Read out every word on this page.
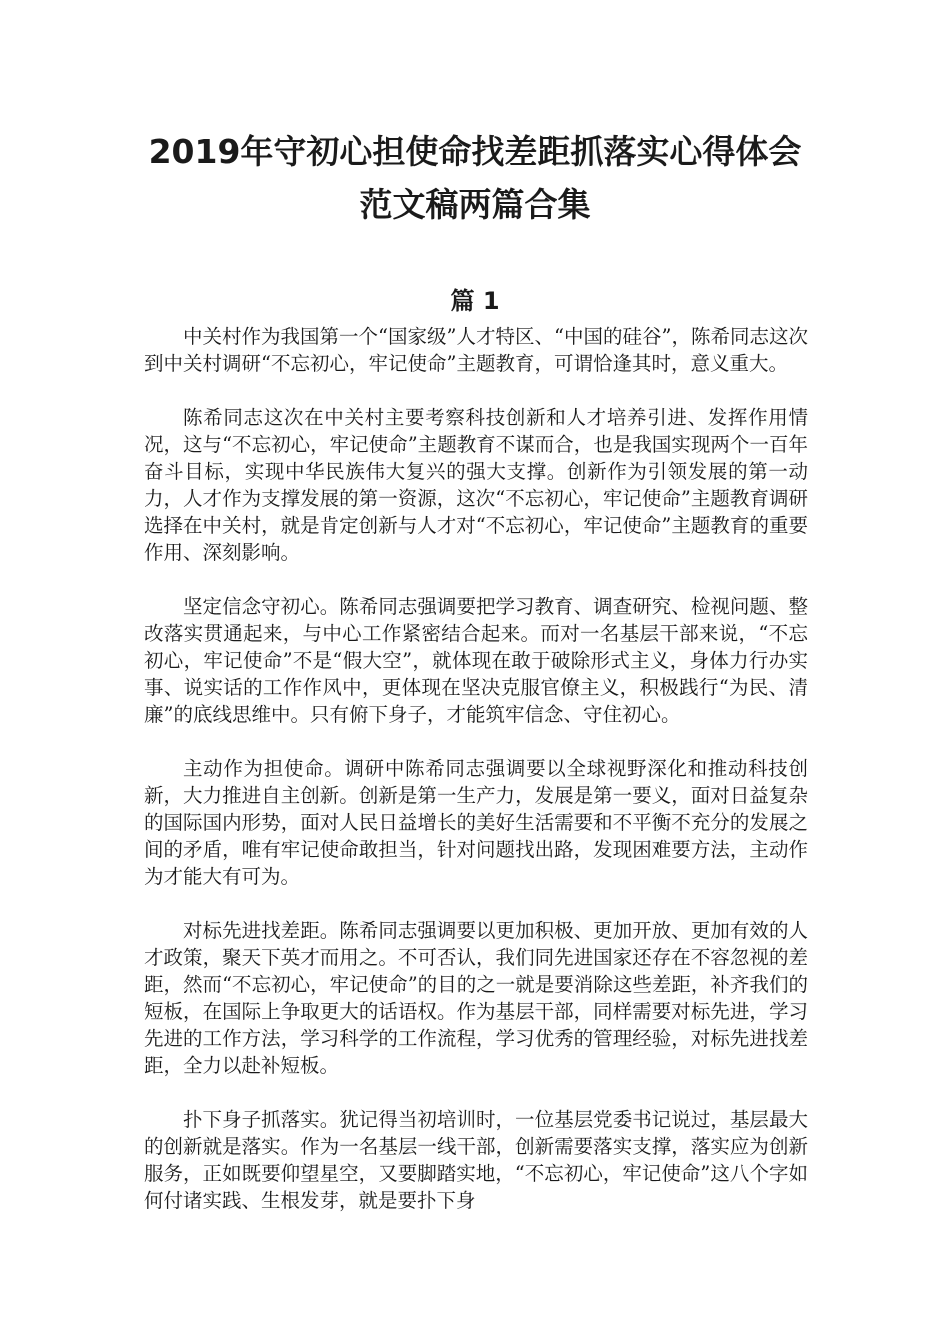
2019年守初心担使命找差距抓落实心得体会
范文稿两篇合集
篇 1

中关村作为我国第一个“国家级”人才特区、“中国的硅谷”，陈希同志这次到中关村调研“不忘初心，牢记使命”主题教育，可谓恰逢其时，意义重大。

陈希同志这次在中关村主要考察科技创新和人才培养引进、发挥作用情况，这与“不忘初心，牢记使命”主题教育不谋而合，也是我国实现两个一百年奋斗目标，实现中华民族伟大复兴的强大支撑。创新作为引领发展的第一动力，人才作为支撑发展的第一资源，这次“不忘初心，牢记使命”主题教育调研选择在中关村，就是肯定创新与人才对“不忘初心，牢记使命”主题教育的重要作用、深刻影响。

坚定信念守初心。陈希同志强调要把学习教育、调查研究、检视问题、整改落实贯通起来，与中心工作紧密结合起来。而对一名基层干部来说，“不忘初心，牢记使命”不是“假大空”，就体现在敢于破除形式主义，身体力行办实事、说实话的工作作风中，更体现在坚决克服官僚主义，积极践行“为民、清廉”的底线思维中。只有俯下身子，才能筑牢信念、守住初心。

主动作为担使命。调研中陈希同志强调要以全球视野深化和推动科技创新，大力推进自主创新。创新是第一生产力，发展是第一要义，面对日益复杂的国际国内形势，面对人民日益增长的美好生活需要和不平衡不充分的发展之间的矛盾，唯有牢记使命敢担当，针对问题找出路，发现困难要方法，主动作为才能大有可为。

对标先进找差距。陈希同志强调要以更加积极、更加开放、更加有效的人才政策，聚天下英才而用之。不可否认，我们同先进国家还存在不容忽视的差距，然而“不忘初心，牢记使命”的目的之一就是要消除这些差距，补齐我们的短板，在国际上争取更大的话语权。作为基层干部，同样需要对标先进，学习先进的工作方法，学习科学的工作流程，学习优秀的管理经验，对标先进找差距，全力以赴补短板。

扑下身子抓落实。犹记得当初培训时，一位基层党委书记说过，基层最大的创新就是落实。作为一名基层一线干部，创新需要落实支撑，落实应为创新服务，正如既要仰望星空，又要脚踏实地，“不忘初心，牢记使命”这八个字如何付诸实践、生根发芽，就是要扑下身
